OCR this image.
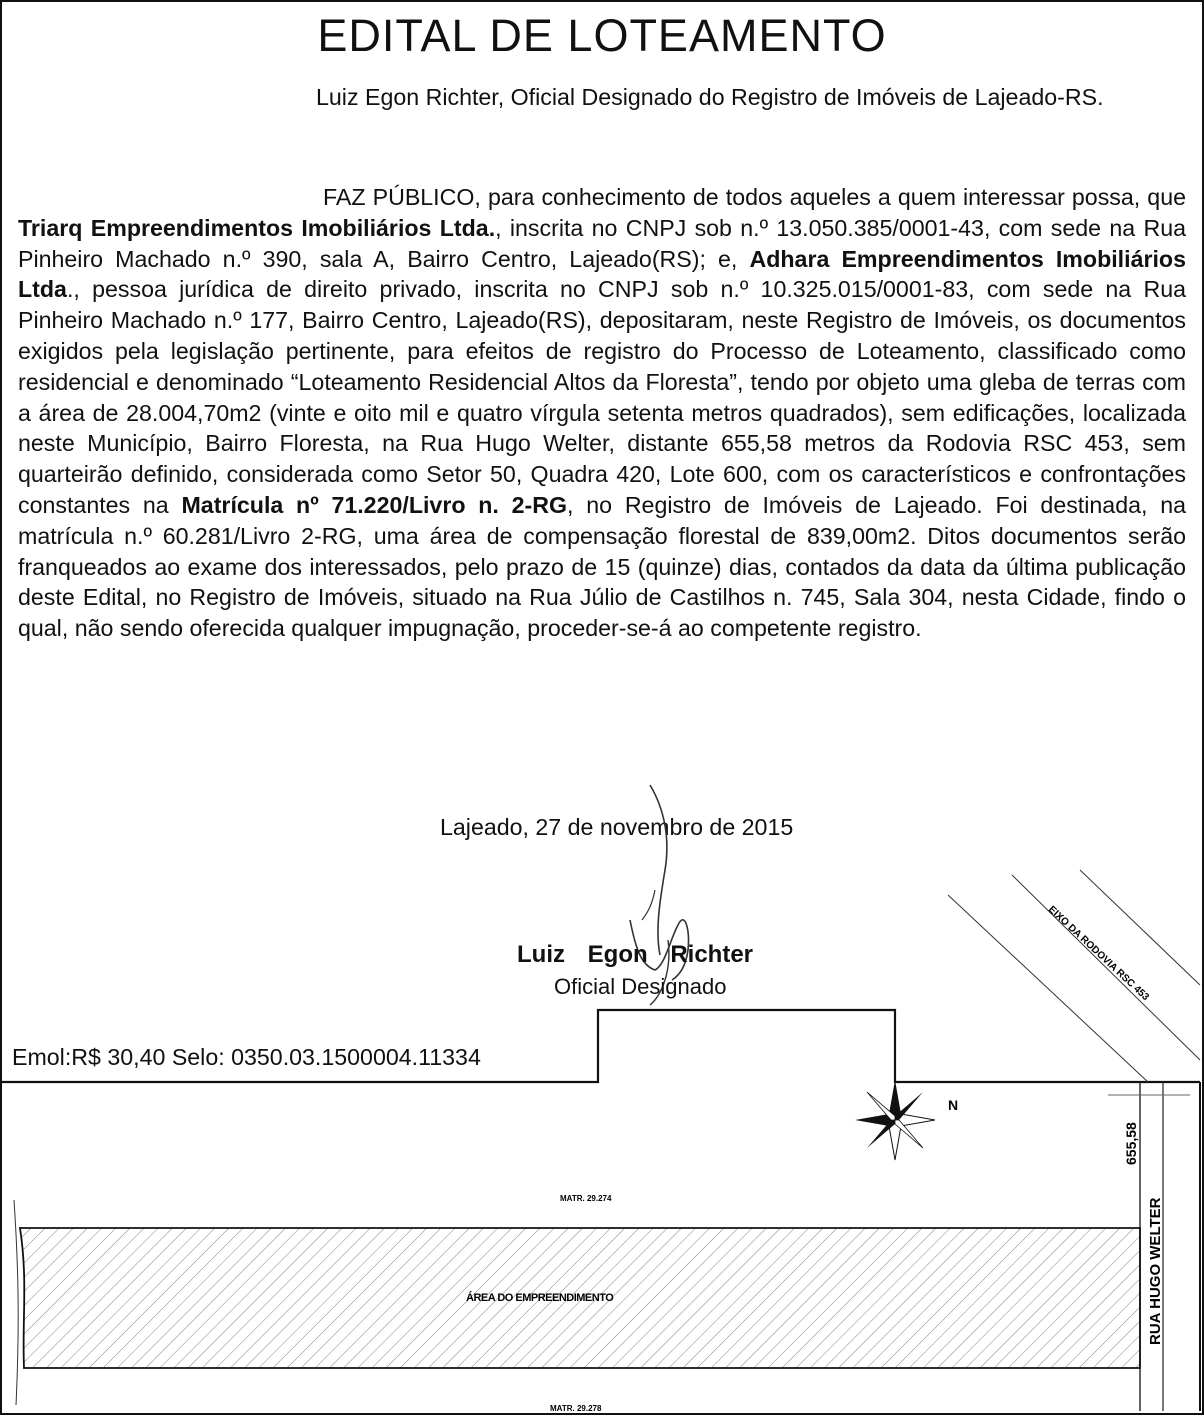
EDITAL DE LOTEAMENTO

Luiz Egon Richter, Oficial Designado do Registro de Imóveis de Lajeado-RS.

FAZ PÚBLICO, para conhecimento de todos aqueles a quem interessar possa, que Triarq Empreendimentos Imobiliários Ltda., inscrita no CNPJ sob n.º 13.050.385/0001-43, com sede na Rua Pinheiro Machado n.º 390, sala A, Bairro Centro, Lajeado(RS); e, Adhara Empreendimentos Imobiliários Ltda., pessoa jurídica de direito privado, inscrita no CNPJ sob n.º 10.325.015/0001-83, com sede na Rua Pinheiro Machado n.º 177, Bairro Centro, Lajeado(RS), depositaram, neste Registro de Imóveis, os documentos exigidos pela legislação pertinente, para efeitos de registro do Processo de Loteamento, classificado como residencial e denominado “Loteamento Residencial Altos da Floresta”, tendo por objeto uma gleba de terras com a área de 28.004,70m2 (vinte e oito mil e quatro vírgula setenta metros quadrados), sem edificações, localizada neste Município, Bairro Floresta, na Rua Hugo Welter, distante 655,58 metros da Rodovia RSC 453, sem quarteirão definido, considerada como Setor 50, Quadra 420, Lote 600, com os característicos e confrontações constantes na Matrícula nº 71.220/Livro n. 2-RG, no Registro de Imóveis de Lajeado. Foi destinada, na matrícula n.º 60.281/Livro 2-RG, uma área de compensação florestal de 839,00m2. Ditos documentos serão franqueados ao exame dos interessados, pelo prazo de 15 (quinze) dias, contados da data da última publicação deste Edital, no Registro de Imóveis, situado na Rua Júlio de Castilhos n. 745, Sala 304, nesta Cidade, findo o qual, não sendo oferecida qualquer impugnação, proceder-se-á ao competente registro.

Lajeado, 27 de novembro de 2015
Luiz Egon Richter
Oficial Designado
Emol:R$ 30,40 Selo: 0350.03.1500004.11334
N
EIXO DA RODOVIA RSC 453
655,58
RUA HUGO WELTER
MATR. 29.274
ÁREA DO EMPREENDIMENTO
MATR. 29.278
